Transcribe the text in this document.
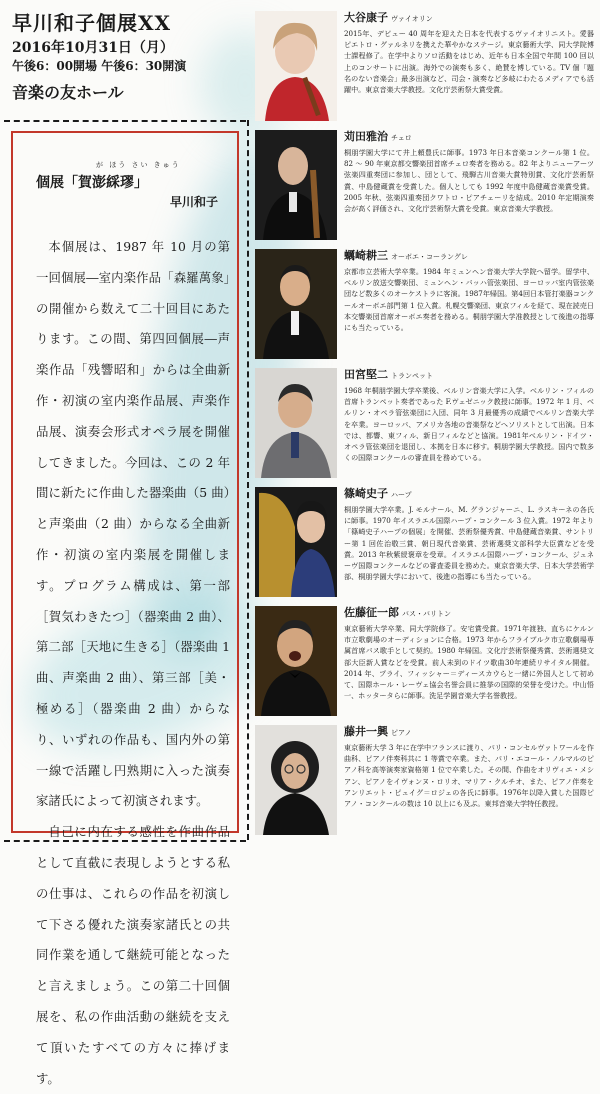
早川和子個展XX
2016年10月31日（月）
午後6：00開場 午後6：30開演
音楽の友ホール
が ほう さい きゅう
個展「賀澎綵璆」
早川和子
本個展は、1987 年 10 月の第一回個展―室内楽作品「森羅萬象」の開催から数えて二十回目にあたります。この間、第四回個展―声楽作品「残響昭和」からは全曲新作・初演の室内楽作品展、声楽作品展、演奏会形式オペラ展を開催してきました。今回は、この 2 年間に新たに作曲した器楽曲（5 曲）と声楽曲（2 曲）からなる全曲新作・初演の室内楽展を開催します。プログラム構成は、第一部［賀気わきたつ］（器楽曲 2 曲）、第二部［天地に生きる］（器楽曲 1 曲、声楽曲 2 曲）、第三部［美・極める］（器楽曲 2 曲）からなり、いずれの作品も、国内外の第一線で活躍し円熟期に入った演奏家諸氏によって初演されます。
自己に内在する感性を作曲作品として直截に表現しようとする私の仕事は、これらの作品を初演して下さる優れた演奏家諸氏との共同作業を通して継続可能となったと言えましょう。この第二十回個展を、私の作曲活動の継続を支えて頂いたすべての方々に捧げます。
大谷康子 ヴァイオリン
2015年、デビュー 40 周年を迎えた日本を代表するヴァイオリニスト。愛器ピエトロ・グァルネリを携えた華やかなステージ。東京藝術大学、同大学院博士課程修了。在学中よりソロ活動をはじめ、近年も日本全国で年間 100 回以上のコンサートに出演。海外での演奏も多く、絶賛を博している。TV 個「題名のない音楽会」最多出演など、司会・演奏など多岐にわたるメディアでも活躍中。東京音楽大学教授。文化庁芸術祭大賞受賞。
苅田雅治 チェロ
桐朋学園大学にて井上頼豊氏に師事。1973 年日本音楽コンクール第 1 位。82 〜 90 年東京都交響楽団首席チェロ奏者を務める。82 年よりニューアーツ弦楽四重奏団に参加し、団として、飛騨古川音楽大賞特別賞、文化庁芸術祭賞、中島健蔵賞を受賞した。個人としても 1992 年度中島健蔵音楽賞受賞。2005 年秋、弦楽四重奏団クワトロ・ピアチェーリを結成。2010 年定期演奏会が高く評価され、文化庁芸術祭大賞を受賞。東京音楽大学教授。
蠣崎耕三 オーボエ・コーラングレ
京都市立芸術大学卒業。1984 年ミュンヘン音楽大学大学院へ留学。留学中、ベルリン放送交響楽団、ミュンヘン・バッハ管弦楽団、ヨーロッパ室内管弦楽団など数多くのオーケストラに客演。1987年帰国。第4回日本管打楽器コンクールオーボエ部門第 1 位入賞。札幌交響楽団、東京フィルを経て、現在読売日本交響楽団首席オーボエ奏者を務める。桐朋学園大学准教授として後進の指導にも当たっている。
田宮堅二 トランペット
1968 年桐朋学園大学卒業後、ベルリン音楽大学に入学。ベルリン・フィルの首席トランペット奏者であった F.ヴェゼニック教授に師事。1972 年 1 月、ベルリン・オペラ管弦楽団に入団、同年 3 月最優秀の成績でベルリン音楽大学を卒業。ヨーロッパ、アメリカ各地の音楽祭などへソリストとして出演。日本では、都響、東フィル、新日フィルなどと協演。1981年ベルリン・ドイツ・オペラ管弦楽団を退団し、本拠を日本に移す。桐朋学園大学教授。国内で数多くの国際コンクールの審査員を務めている。
篠崎史子 ハープ
桐朋学園大学卒業。J. モルナール、M. グランジャーニ、L. ラスキーネの各氏に師事。1970 年イスラエル国際ハープ・コンクール 3 位入賞。1972 年より「篠崎史子ハープの個展」を開催、芸術祭優秀賞、中島健蔵音楽賞、サントリー第 1 回佐治敬三賞、朝日現代音楽賞、芸術選奨文部科学大臣賞などを受賞。2013 年秋紫綬褒章を受章。イスラエル国際ハープ・コンクール、ジュネーヴ国際コンクールなどの審査委員を務めた。東京音楽大学、日本大学芸術学部、桐朋学園大学において、後進の指導にも当たっている。
佐藤征一郎 バス・バリトン
東京藝術大学卒業、同大学院修了。安宅賞受賞。1971年渡独、直ちにケルン市立歌劇場のオーディションに合格。1973 年からフライブルク市立歌劇場専属首席バス歌手として契約。1980 年帰国。文化庁芸術祭優秀賞、芸術選奨文部大臣新人賞などを受賞。前人未到のドイツ歌曲30年連続リサイタル開催。2014 年、プライ、フィッシャー＝ディースカウらと一緒に外国人として初めて、国際ホール・レーヴェ協会名誉会員に推挙の国際的栄誉を受けた。中山悟一、ホッタータらに師事。洗足学園音楽大学名誉教授。
藤井一興 ピアノ
東京藝術大学 3 年に在学中フランスに渡り、パリ・コンセルヴァトワールを作曲科、ピアノ伴奏科共に 1 等賞で卒業。また、パリ・エコール・ノルマルのピアノ科を高等演奏家資格第 1 位で卒業した。その間、作曲をオリヴィエ・メシアン、ピアノをイヴォンヌ・ロリオ、マリア・クルチオ、また、ピアノ伴奏をアンリエット・ピュイグ＝ロジェの各氏に師事。1976年以降入賞した国際ピアノ・コンクールの数は 10 以上にも及ぶ。東邦音楽大学特任教授。
